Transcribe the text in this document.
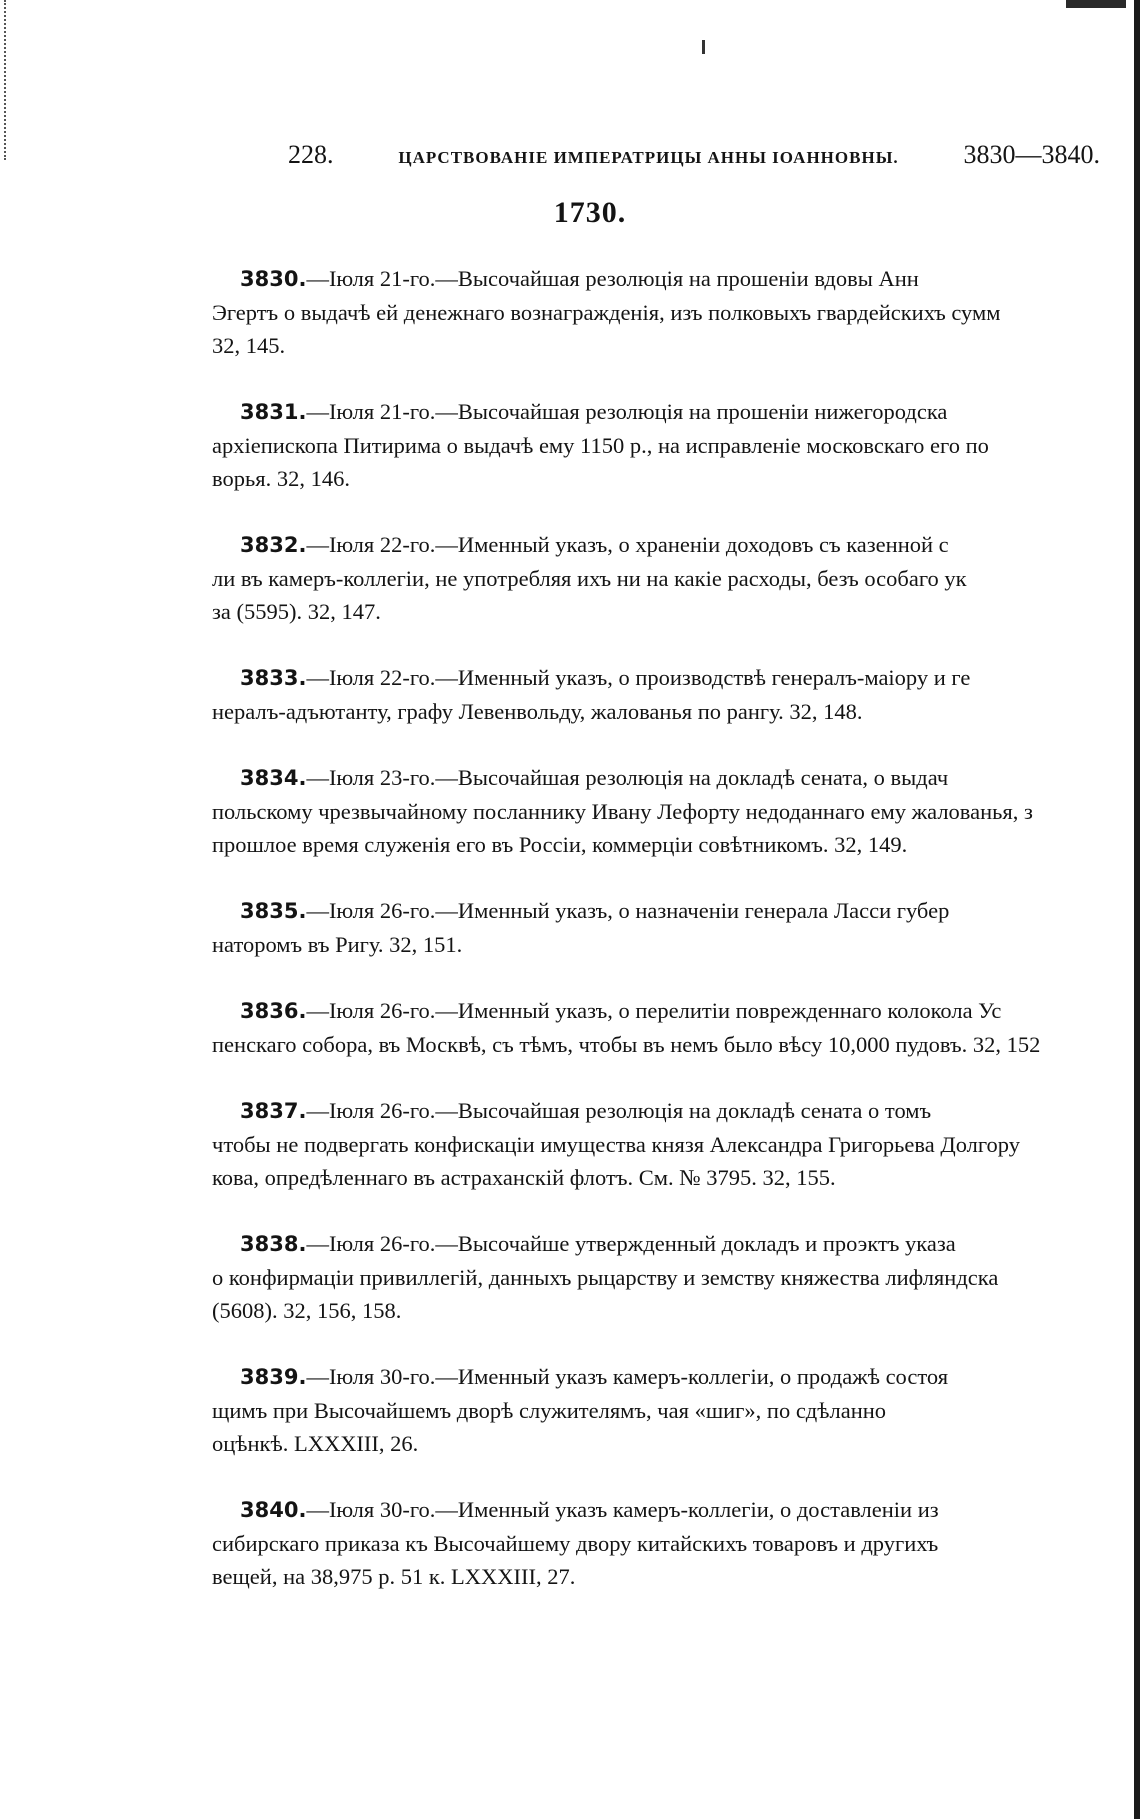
228.	ЦАРСТВОВАНІЕ ИМПЕРАТРИЦЫ АННЫ ІОАННОВНЫ. 3830—3840.
1730.
3830.—Іюля 21-го.—Высочайшая резолюція на прошеніи вдовы Анн
Эгертъ о выдачѣ ей денежнаго вознагражденія, изъ полковыхъ гвардейскихъ сумм
32, 145.
3831.—Іюля 21-го.—Высочайшая резолюція на прошеніи нижегородска
архіепископа Питирима о выдачѣ ему 1150 р., на исправленіе московскаго его по
ворья. 32, 146.
3832.—Іюля 22-го.—Именный указъ, о храненіи доходовъ съ казенной с
ли въ камеръ-коллегіи, не употребляя ихъ ни на какіе расходы, безъ особаго ук
за (5595). 32, 147.
3833.—Іюля 22-го.—Именный указъ, о производствѣ генералъ-маіору и ге
нералъ-адъютанту, графу Левенвольду, жалованья по рангу. 32, 148.
3834.—Іюля 23-го.—Высочайшая резолюція на докладѣ сената, о выдач
польскому чрезвычайному посланнику Ивану Лефорту недоданнаго ему жалованья, з
прошлое время служенія его въ Россіи, коммерціи совѣтникомъ. 32, 149.
3835.—Іюля 26-го.—Именный указъ, о назначеніи генерала Ласси губер
наторомъ въ Ригу. 32, 151.
3836.—Іюля 26-го.—Именный указъ, о перелитіи поврежденнаго колокола Ус
пенскаго собора, въ Москвѣ, съ тѣмъ, чтобы въ немъ было вѣсу 10,000 пудовъ. 32, 152
3837.—Іюля 26-го.—Высочайшая резолюція на докладѣ сената о томъ
чтобы не подвергать конфискаціи имущества князя Александра Григорьева Долгору
кова, опредѣленнаго въ астраханскій флотъ. См. № 3795. 32, 155.
3838.—Іюля 26-го.—Высочайше утвержденный докладъ и проэктъ указа
о конфирмаціи привиллегій, данныхъ рыцарству и земству княжества лифляндска
(5608). 32, 156, 158.
3839.—Іюля 30-го.—Именный указъ камеръ-коллегіи, о продажѣ состоя
щимъ при Высочайшемъ дворѣ служителямъ, чая «шиг», по сдѣланно
оцѣнкѣ. LXXXIII, 26.
3840.—Іюля 30-го.—Именный указъ камеръ-коллегіи, о доставленіи из
сибирскаго приказа къ Высочайшему двору китайскихъ товаровъ и другихъ
вещей, на 38,975 р. 51 к. LXXXIII, 27.
